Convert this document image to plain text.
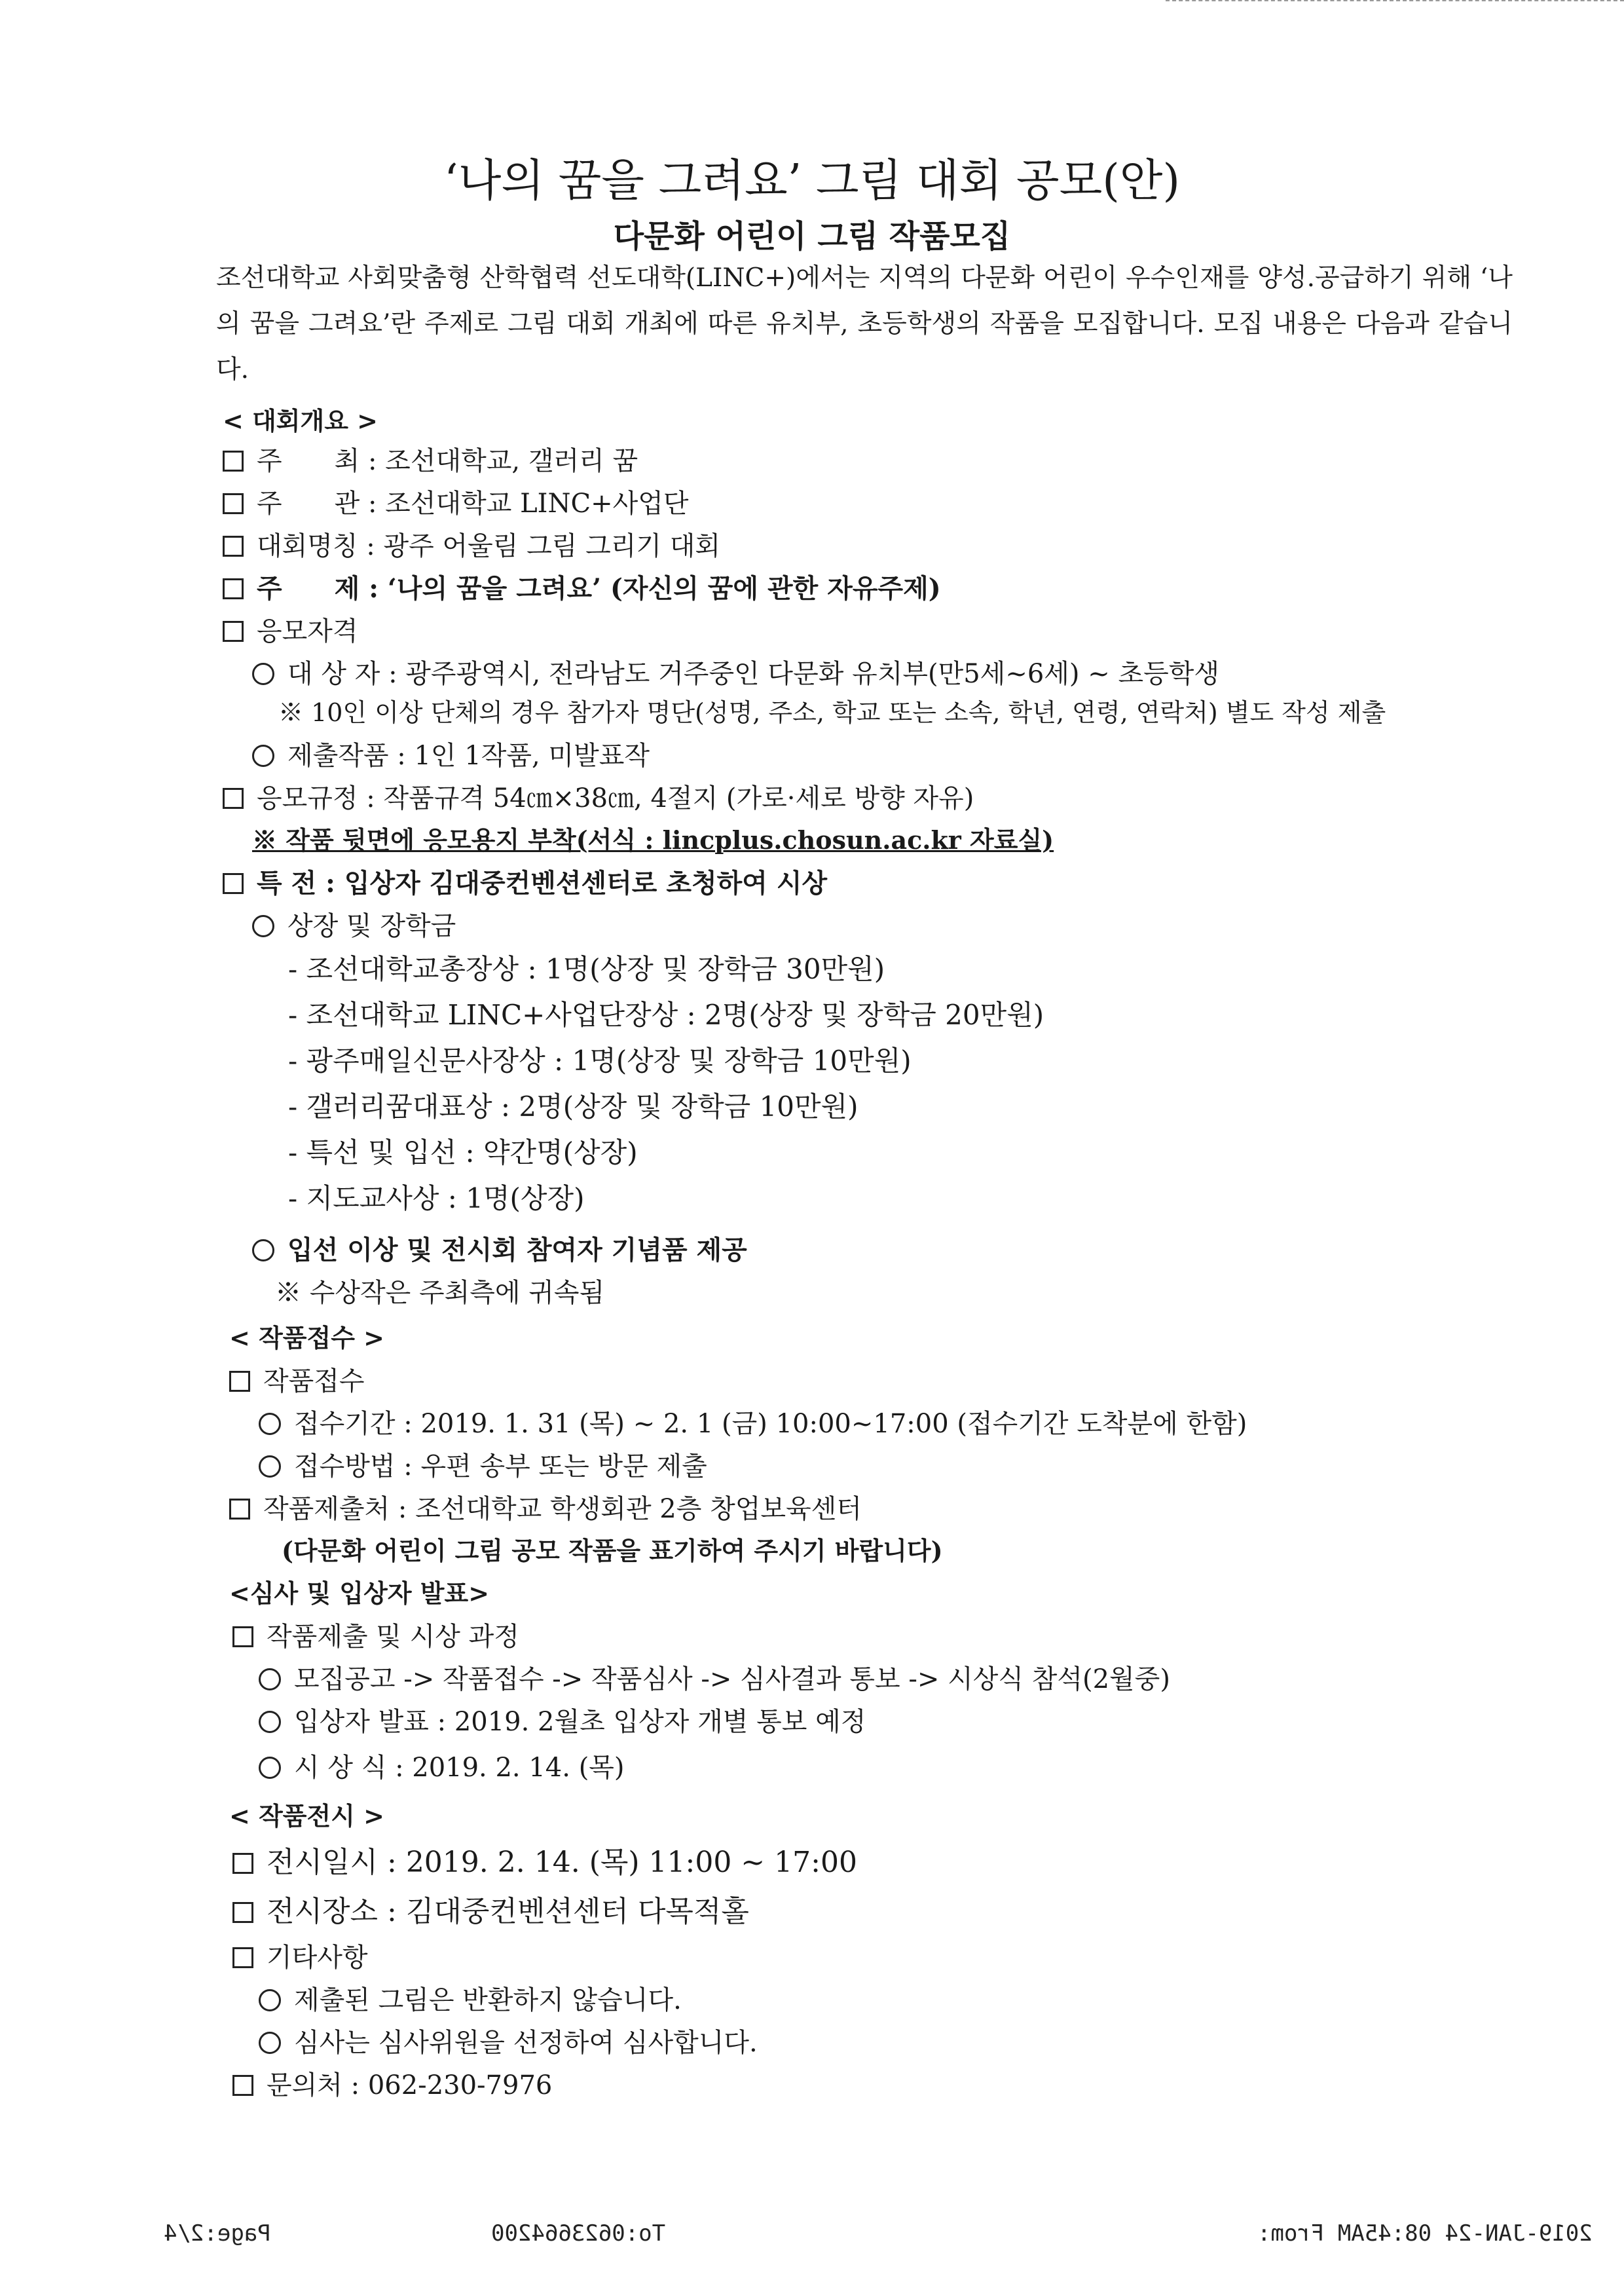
‘나의 꿈을 그려요’ 그림 대회 공모(안)
다문화 어린이 그림 작품모집
조선대학교 사회맞춤형 산학협력 선도대학(LINC+)에서는 지역의 다문화 어린이 우수인재를 양성.공급하기 위해 ‘나의 꿈을 그려요’란 주제로 그림 대회 개최에 따른 유치부, 초등학생의 작품을 모집합니다. 모집 내용은 다음과 같습니다.
< 대회개요 >
주　　최 : 조선대학교, 갤러리 꿈
주　　관 : 조선대학교 LINC+사업단
대회명칭 : 광주 어울림 그림 그리기 대회
주　　제 : ‘나의 꿈을 그려요’ (자신의 꿈에 관한 자유주제)
응모자격
대 상 자 : 광주광역시, 전라남도 거주중인 다문화 유치부(만5세~6세) ~ 초등학생
※ 10인 이상 단체의 경우 참가자 명단(성명, 주소, 학교 또는 소속, 학년, 연령, 연락처) 별도 작성 제출
제출작품 : 1인 1작품, 미발표작
응모규정 : 작품규격 54㎝×38㎝, 4절지 (가로·세로 방향 자유)
※ 작품 뒷면에 응모용지 부착(서식 : lincplus.chosun.ac.kr 자료실)
특 전 : 입상자 김대중컨벤션센터로 초청하여 시상
상장 및 장학금
- 조선대학교총장상 : 1명(상장 및 장학금 30만원)
- 조선대학교 LINC+사업단장상 : 2명(상장 및 장학금 20만원)
- 광주매일신문사장상 : 1명(상장 및 장학금 10만원)
- 갤러리꿈대표상 : 2명(상장 및 장학금 10만원)
- 특선 및 입선 : 약간명(상장)
- 지도교사상 : 1명(상장)
입선 이상 및 전시회 참여자 기념품 제공
※ 수상작은 주최측에 귀속됨
< 작품접수 >
작품접수
접수기간 : 2019. 1. 31 (목) ~ 2. 1 (금) 10:00~17:00 (접수기간 도착분에 한함)
접수방법 : 우편 송부 또는 방문 제출
작품제출처 : 조선대학교 학생회관 2층 창업보육센터
(다문화 어린이 그림 공모 작품을 표기하여 주시기 바랍니다)
<심사 및 입상자 발표>
작품제출 및 시상 과정
모집공고 -> 작품접수 -> 작품심사 -> 심사결과 통보 -> 시상식 참석(2월중)
입상자 발표 : 2019. 2월초 입상자 개별 통보 예정
시 상 식 : 2019. 2. 14. (목)
< 작품전시 >
전시일시 : 2019. 2. 14. (목) 11:00 ~ 17:00
전시장소 : 김대중컨벤션센터 다목적홀
기타사항
제출된 그림은 반환하지 않습니다.
심사는 심사위원을 선정하여 심사합니다.
문의처 : 062-230-7976
Page:2/4	To:0623664200	2019-JAN-24 08:45AM From:
